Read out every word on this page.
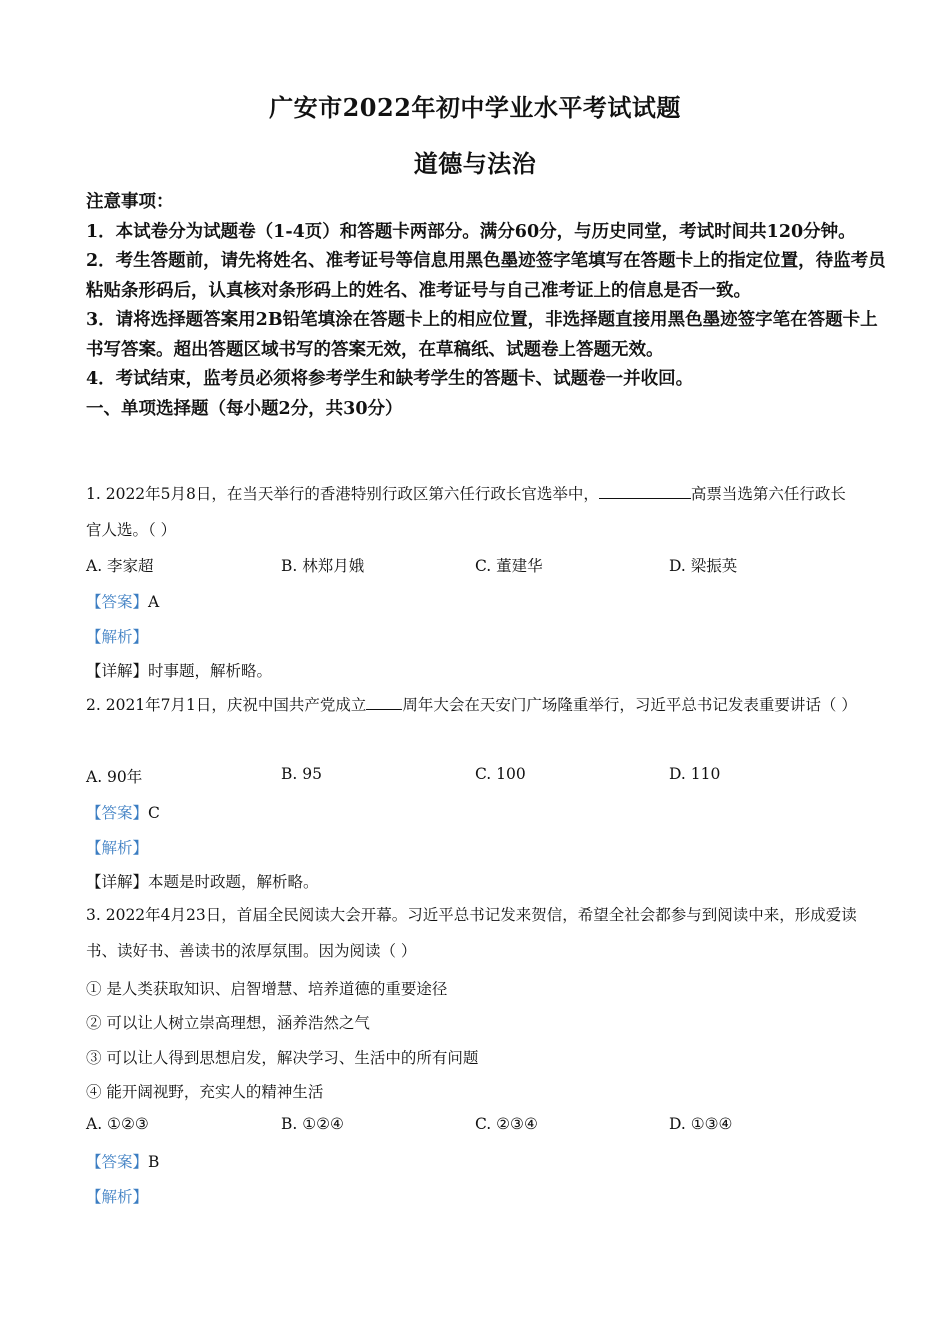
广安市2022年初中学业水平考试试题
道德与法治
注意事项：
1．本试卷分为试题卷（1-4页）和答题卡两部分。满分60分，与历史同堂，考试时间共120分钟。
2．考生答题前，请先将姓名、准考证号等信息用黑色墨迹签字笔填写在答题卡上的指定位置，待监考员粘贴条形码后，认真核对条形码上的姓名、准考证号与自己准考证上的信息是否一致。
3．请将选择题答案用2B铅笔填涂在答题卡上的相应位置，非选择题直接用黑色墨迹签字笔在答题卡上书写答案。超出答题区域书写的答案无效，在草稿纸、试题卷上答题无效。
4．考试结束，监考员必须将参考学生和缺考学生的答题卡、试题卷一并收回。
一、单项选择题（每小题2分，共30分）
1. 2022年5月8日，在当天举行的香港特别行政区第六任行政长官选举中，	高票当选第六任行政长官人选。（ ）
A. 李家超	B. 林郑月娥	C. 董建华	D. 梁振英
【答案】A
【解析】
【详解】时事题，解析略。
2. 2021年7月1日，庆祝中国共产党成立 周年大会在天安门广场隆重举行，习近平总书记发表重要讲话（ ）
A. 90年	B. 95	C. 100	D. 110
【答案】C
【解析】
【详解】本题是时政题，解析略。
3. 2022年4月23日，首届全民阅读大会开幕。习近平总书记发来贺信，希望全社会都参与到阅读中来，形成爱读书、读好书、善读书的浓厚氛围。因为阅读（ ）
① 是人类获取知识、启智增慧、培养道德的重要途径
② 可以让人树立崇高理想，涵养浩然之气
③ 可以让人得到思想启发，解决学习、生活中的所有问题
④ 能开阔视野，充实人的精神生活
A. ①②③	B. ①②④	C. ②③④	D. ①③④
【答案】B
【解析】
